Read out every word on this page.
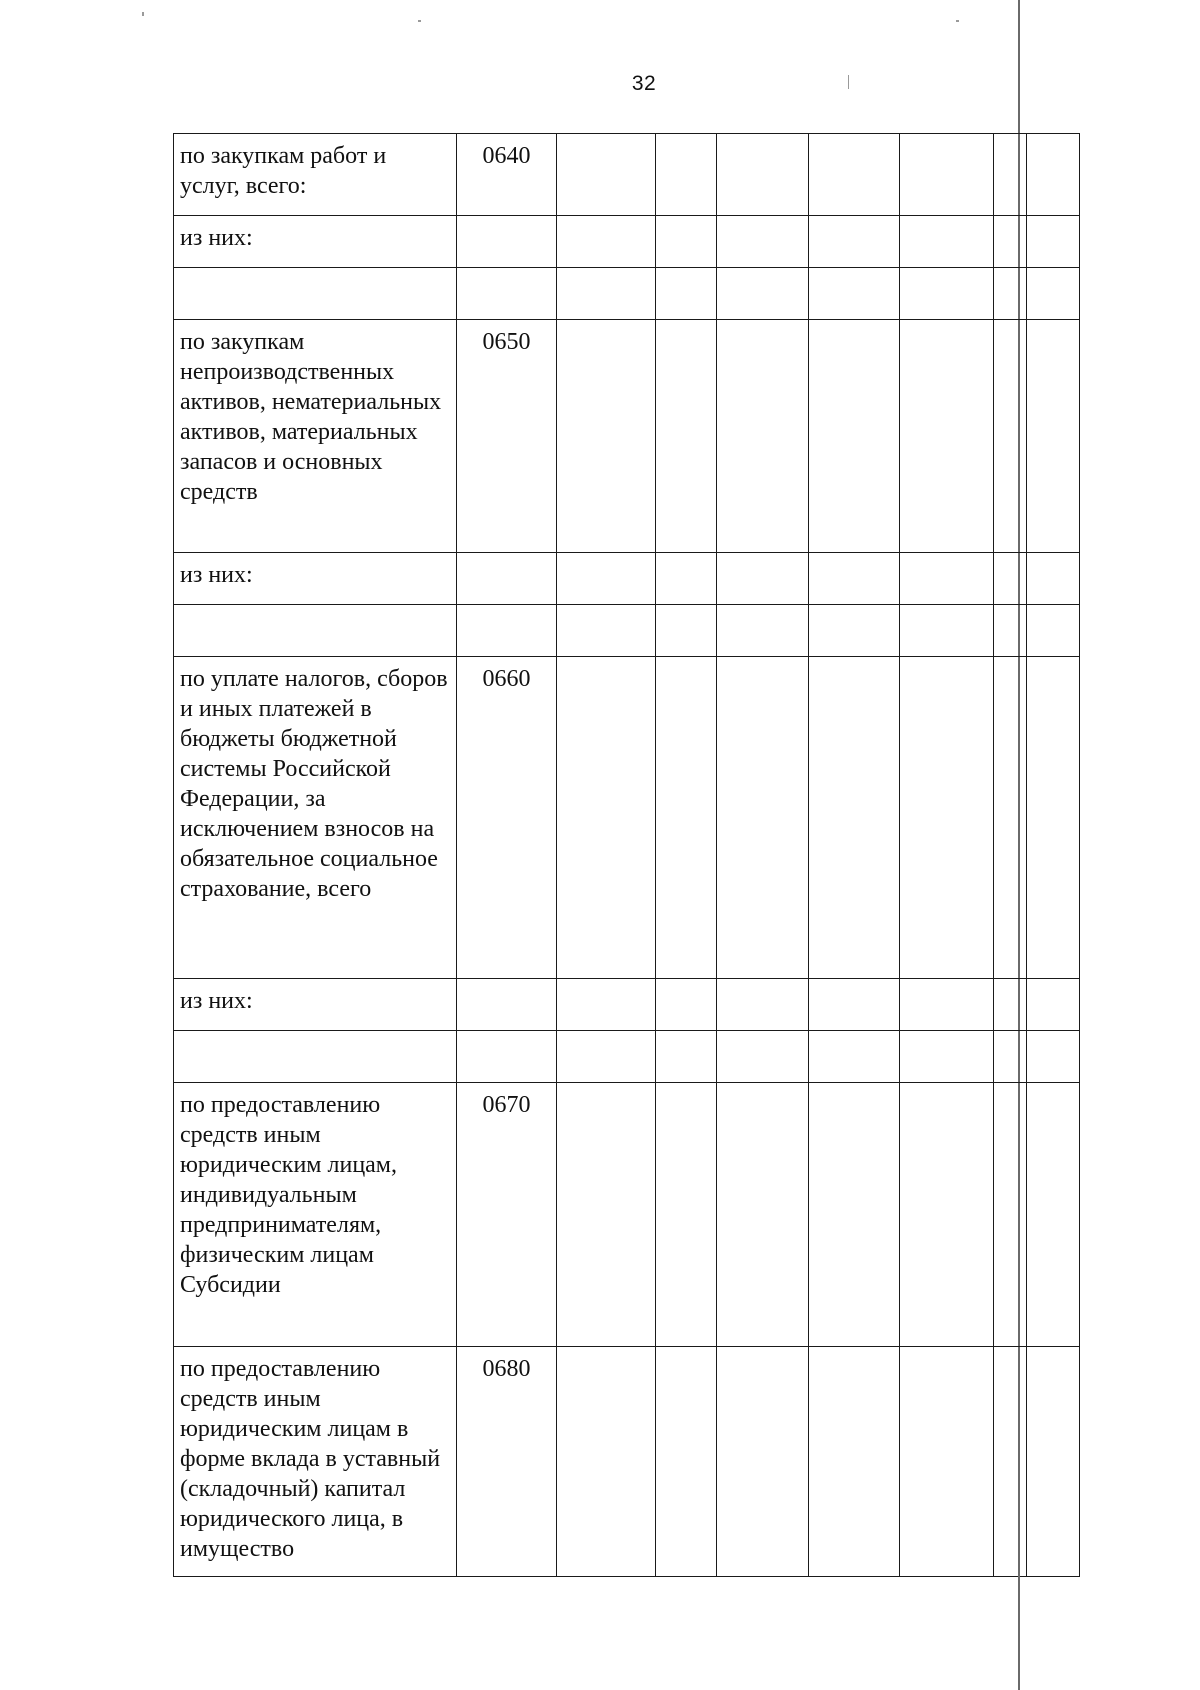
32
по закупкам работ и услуг, всего:	0640							
из них:								

по закупкам непроизводственных активов, нематериальных активов, материальных запасов и основных средств	0650							
из них:								

по уплате налогов, сборов и иных платежей в бюджеты бюджетной системы Российской Федерации, за исключением взносов на обязательное социальное страхование, всего	0660							
из них:								

по предоставлению средств иным юридическим лицам, индивидуальным предпринимателям, физическим лицам Субсидии	0670							
по предоставлению средств иным юридическим лицам в форме вклада в уставный (складочный) капитал юридического лица, в имущество	0680							
